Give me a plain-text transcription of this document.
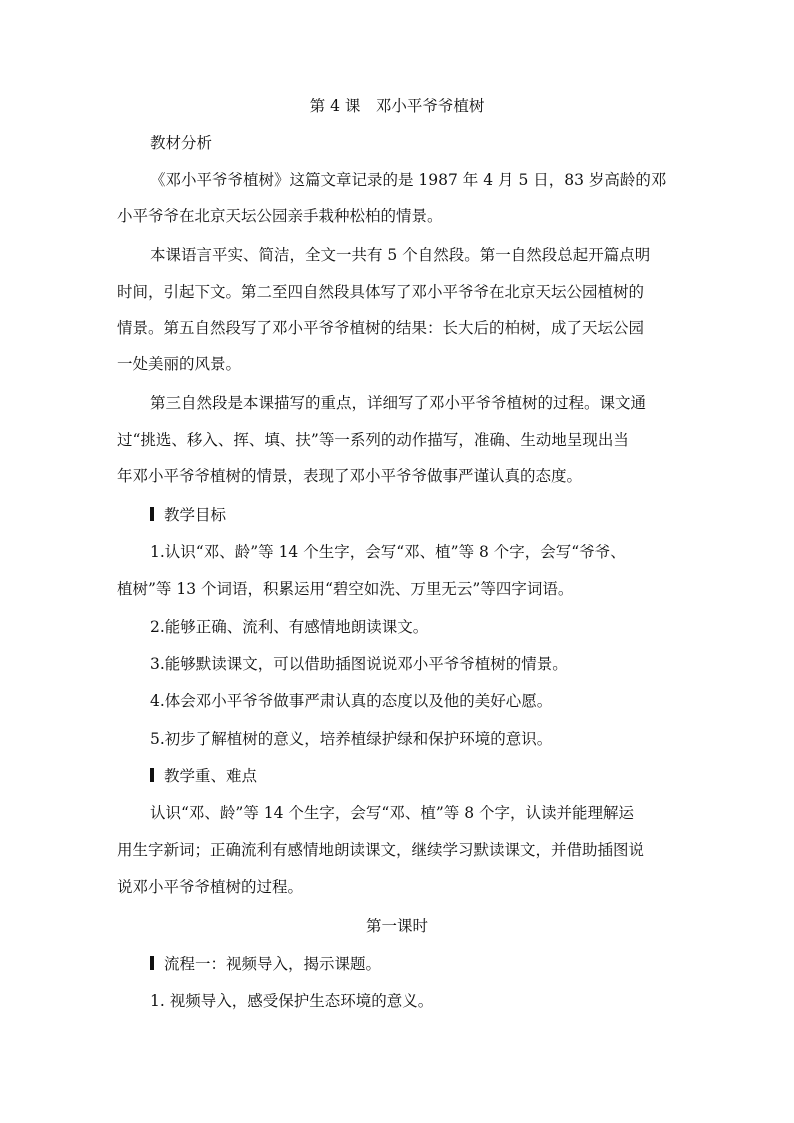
第 4 课　邓小平爷爷植树
教材分析
《邓小平爷爷植树》这篇文章记录的是 1987 年 4 月 5 日，83 岁高龄的邓
小平爷爷在北京天坛公园亲手栽种松柏的情景。
本课语言平实、简洁，全文一共有 5 个自然段。第一自然段总起开篇点明
时间，引起下文。第二至四自然段具体写了邓小平爷爷在北京天坛公园植树的
情景。第五自然段写了邓小平爷爷植树的结果：长大后的柏树，成了天坛公园
一处美丽的风景。
第三自然段是本课描写的重点，详细写了邓小平爷爷植树的过程。课文通
过“挑选、移入、挥、填、扶”等一系列的动作描写，准确、生动地呈现出当
年邓小平爷爷植树的情景，表现了邓小平爷爷做事严谨认真的态度。
教学目标
1.认识“邓、龄”等 14 个生字，会写“邓、植”等 8 个字，会写“爷爷、
植树”等 13 个词语，积累运用“碧空如洗、万里无云”等四字词语。
2.能够正确、流利、有感情地朗读课文。
3.能够默读课文，可以借助插图说说邓小平爷爷植树的情景。
4.体会邓小平爷爷做事严肃认真的态度以及他的美好心愿。
5.初步了解植树的意义，培养植绿护绿和保护环境的意识。
教学重、难点
认识“邓、龄”等 14 个生字，会写“邓、植”等 8 个字，认读并能理解运
用生字新词；正确流利有感情地朗读课文，继续学习默读课文，并借助插图说
说邓小平爷爷植树的过程。
第一课时
流程一：视频导入，揭示课题。
1. 视频导入，感受保护生态环境的意义。
